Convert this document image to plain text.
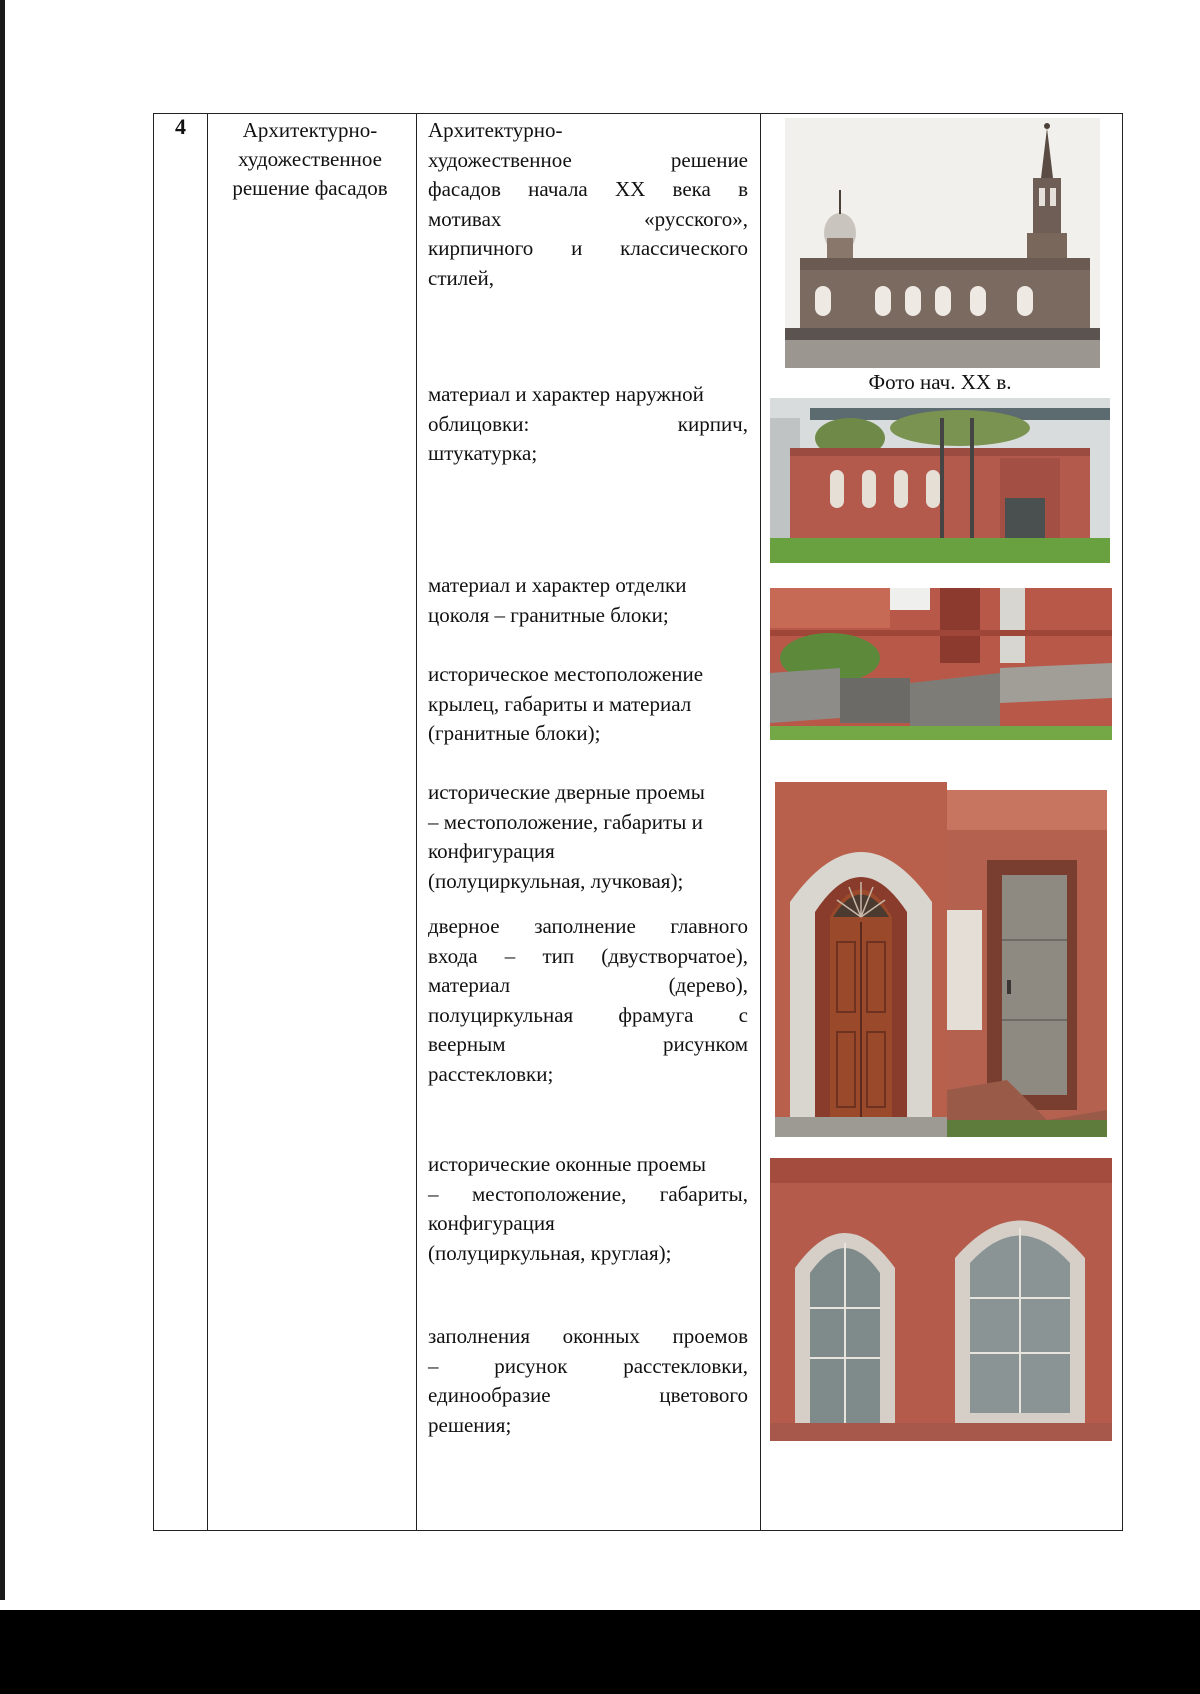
4	Архитектурно-
художественное
решение фасадов
Архитектурно-
художественное решение
фасадов начала XX века в
мотивах «русского»,
кирпичного и классического
стилей,
материал и характер наружной
облицовки: кирпич,
штукатурка;
материал и характер отделки
цоколя – гранитные блоки;
историческое местоположение
крылец, габариты и материал
(гранитные блоки);
исторические дверные проемы
– местоположение, габариты и
конфигурация
(полуциркульная, лучковая);
дверное заполнение главного
входа – тип (двустворчатое),
материал (дерево),
полуциркульная фрамуга с
веерным рисунком
расстекловки;
исторические оконные проемы
– местоположение, габариты,
конфигурация
(полуциркульная, круглая);
заполнения оконных проемов
– рисунок расстекловки,
единообразие цветового
решения;
Фото нач. XX в.
